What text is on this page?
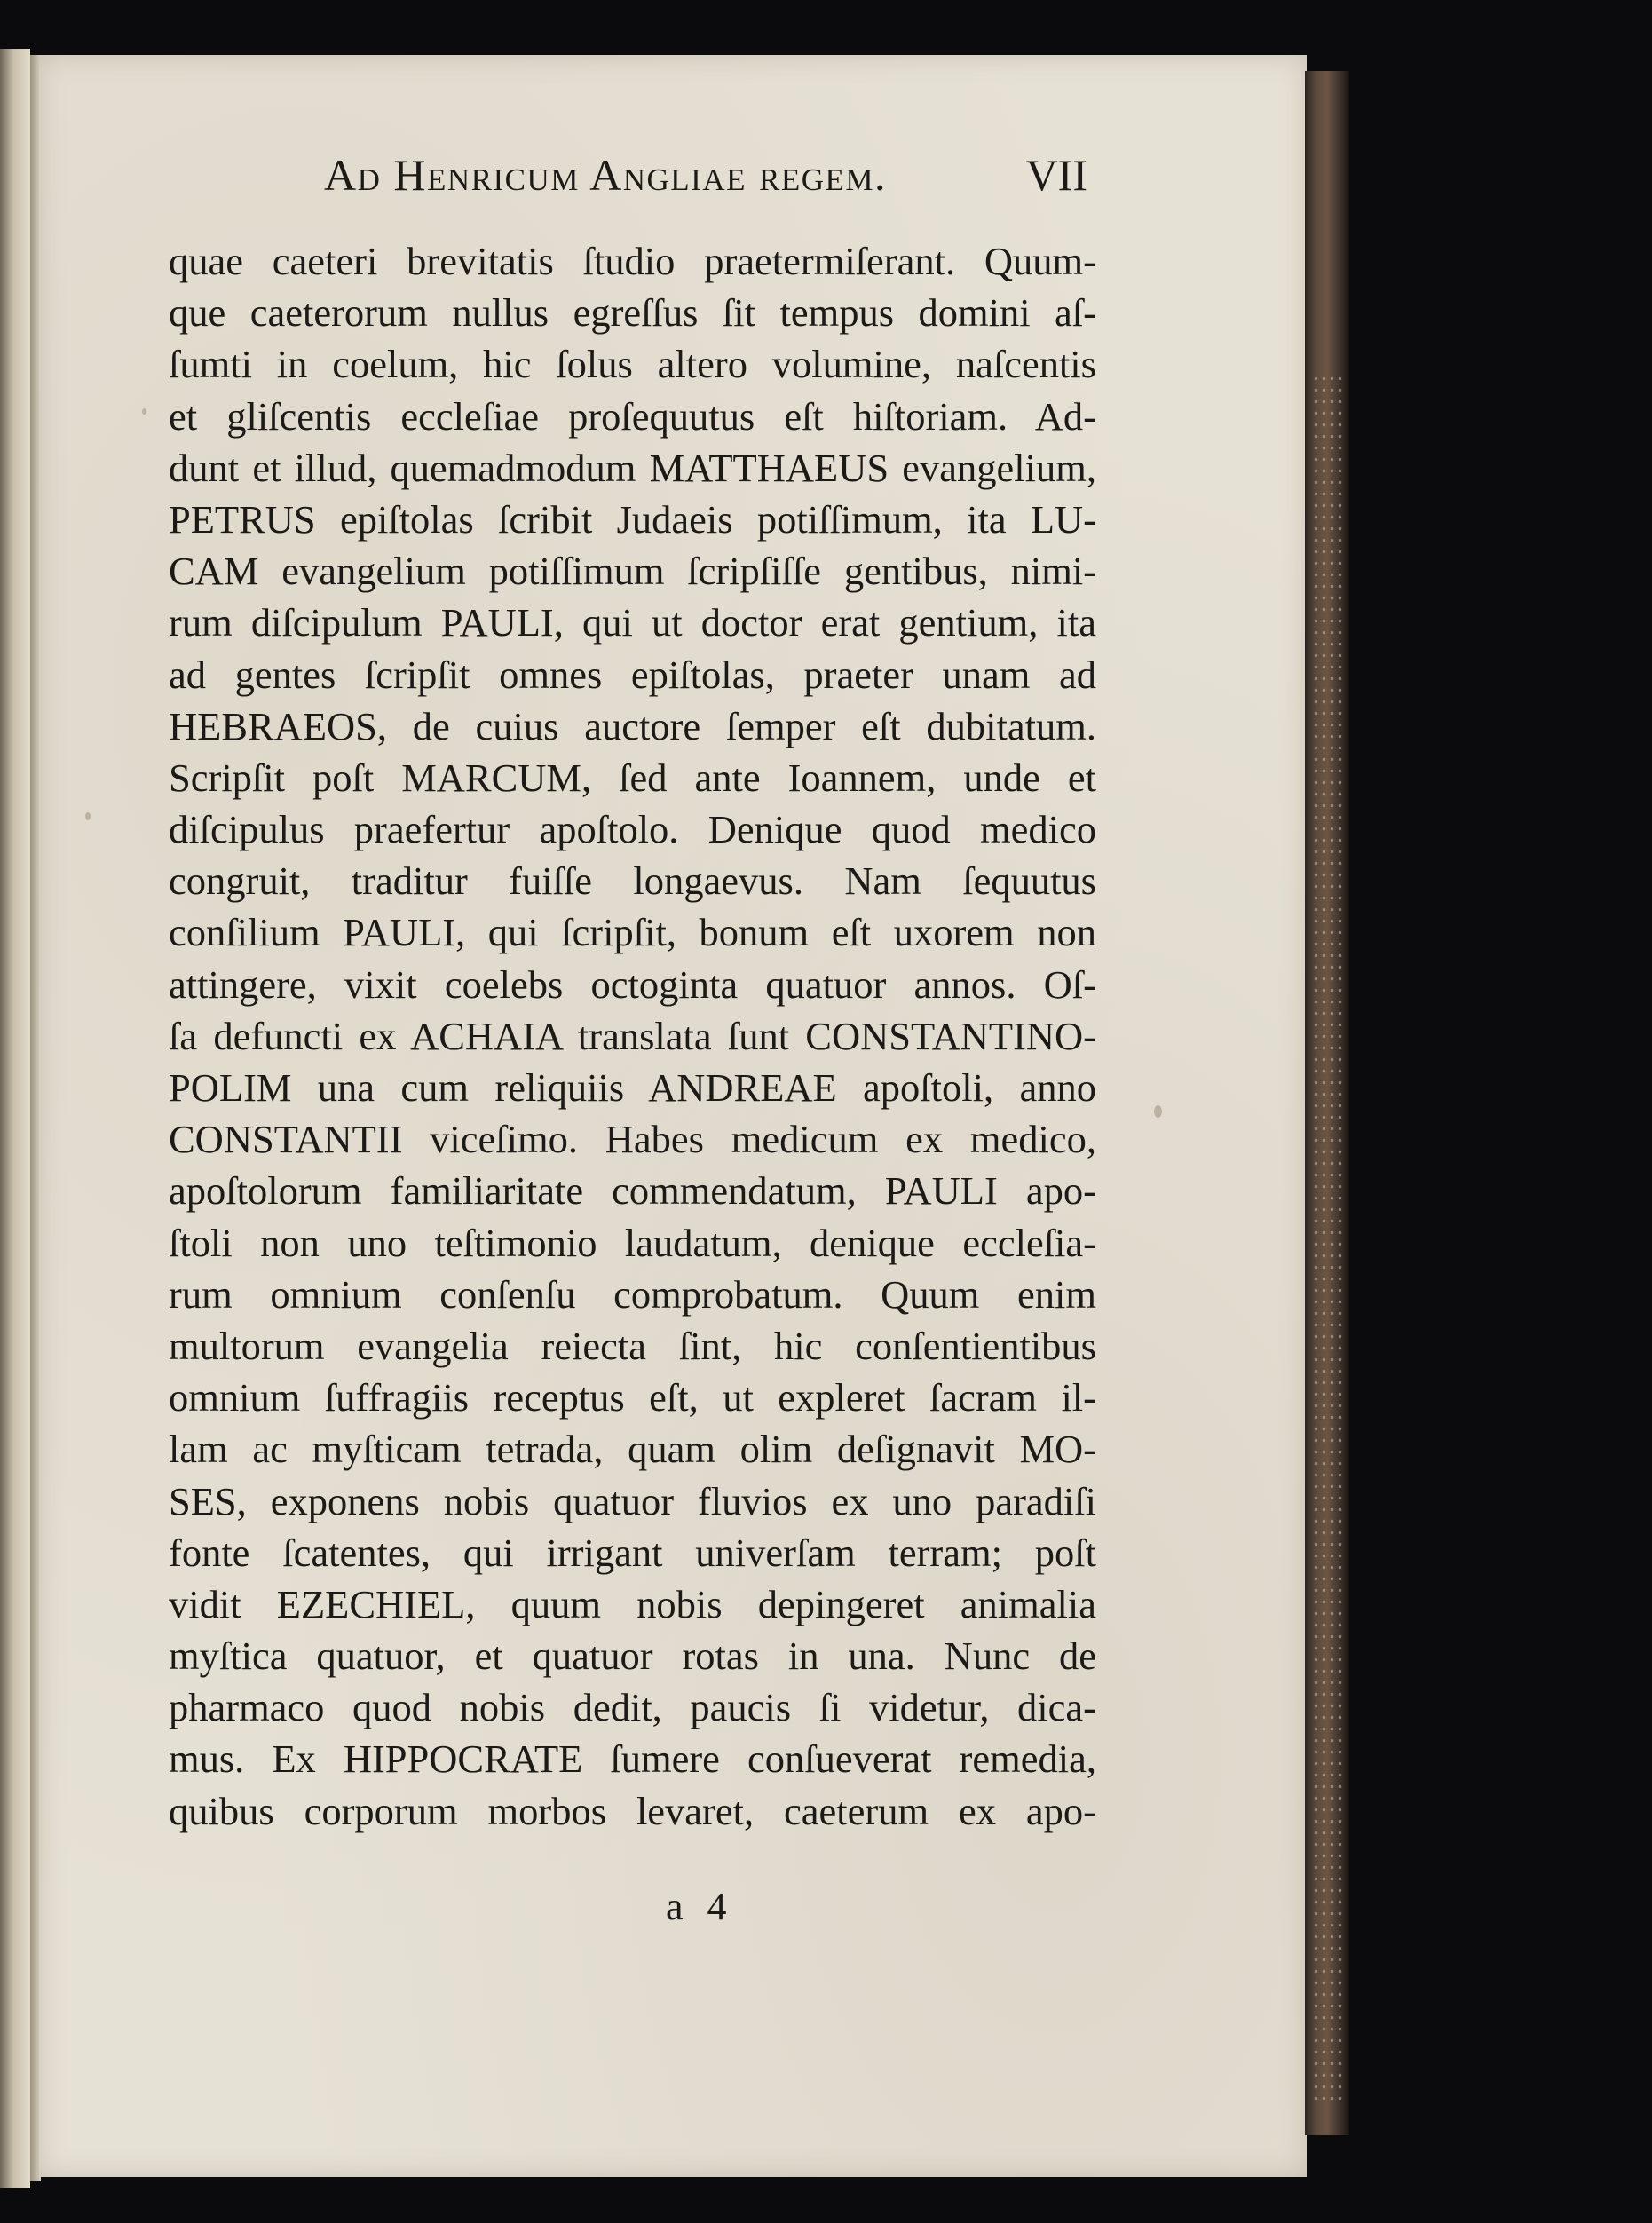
Ad Henricum Angliae regem.	VII
quae caeteri brevitatis ſtudio praetermiſerant. Quum-
que caeterorum nullus egreſſus ſit tempus domini aſ-
ſumti in coelum, hic ſolus altero volumine, naſcentis
et gliſcentis eccleſiae proſequutus eſt hiſtoriam. Ad-
dunt et illud, quemadmodum MATTHAEUS evangelium,
PETRUS epiſtolas ſcribit Judaeis potiſſimum, ita LU-
CAM evangelium potiſſimum ſcripſiſſe gentibus, nimi-
rum diſcipulum PAULI, qui ut doctor erat gentium, ita
ad gentes ſcripſit omnes epiſtolas, praeter unam ad
HEBRAEOS, de cuius auctore ſemper eſt dubitatum.
Scripſit poſt MARCUM, ſed ante Ioannem, unde et
diſcipulus praefertur apoſtolo. Denique quod medico
congruit, traditur fuiſſe longaevus. Nam ſequutus
conſilium PAULI, qui ſcripſit, bonum eſt uxorem non
attingere, vixit coelebs octoginta quatuor annos. Oſ-
ſa defuncti ex ACHAIA translata ſunt CONSTANTINO-
POLIM una cum reliquiis ANDREAE apoſtoli, anno
CONSTANTII viceſimo. Habes medicum ex medico,
apoſtolorum familiaritate commendatum, PAULI apo-
ſtoli non uno teſtimonio laudatum, denique eccleſia-
rum omnium conſenſu comprobatum. Quum enim
multorum evangelia reiecta ſint, hic conſentientibus
omnium ſuffragiis receptus eſt, ut expleret ſacram il-
lam ac myſticam tetrada, quam olim deſignavit MO-
SES, exponens nobis quatuor fluvios ex uno paradiſi
fonte ſcatentes, qui irrigant univerſam terram; poſt
vidit EZECHIEL, quum nobis depingeret animalia
myſtica quatuor, et quatuor rotas in una. Nunc de
pharmaco quod nobis dedit, paucis ſi videtur, dica-
mus. Ex HIPPOCRATE ſumere conſueverat remedia,
quibus corporum morbos levaret, caeterum ex apo-
a 4
